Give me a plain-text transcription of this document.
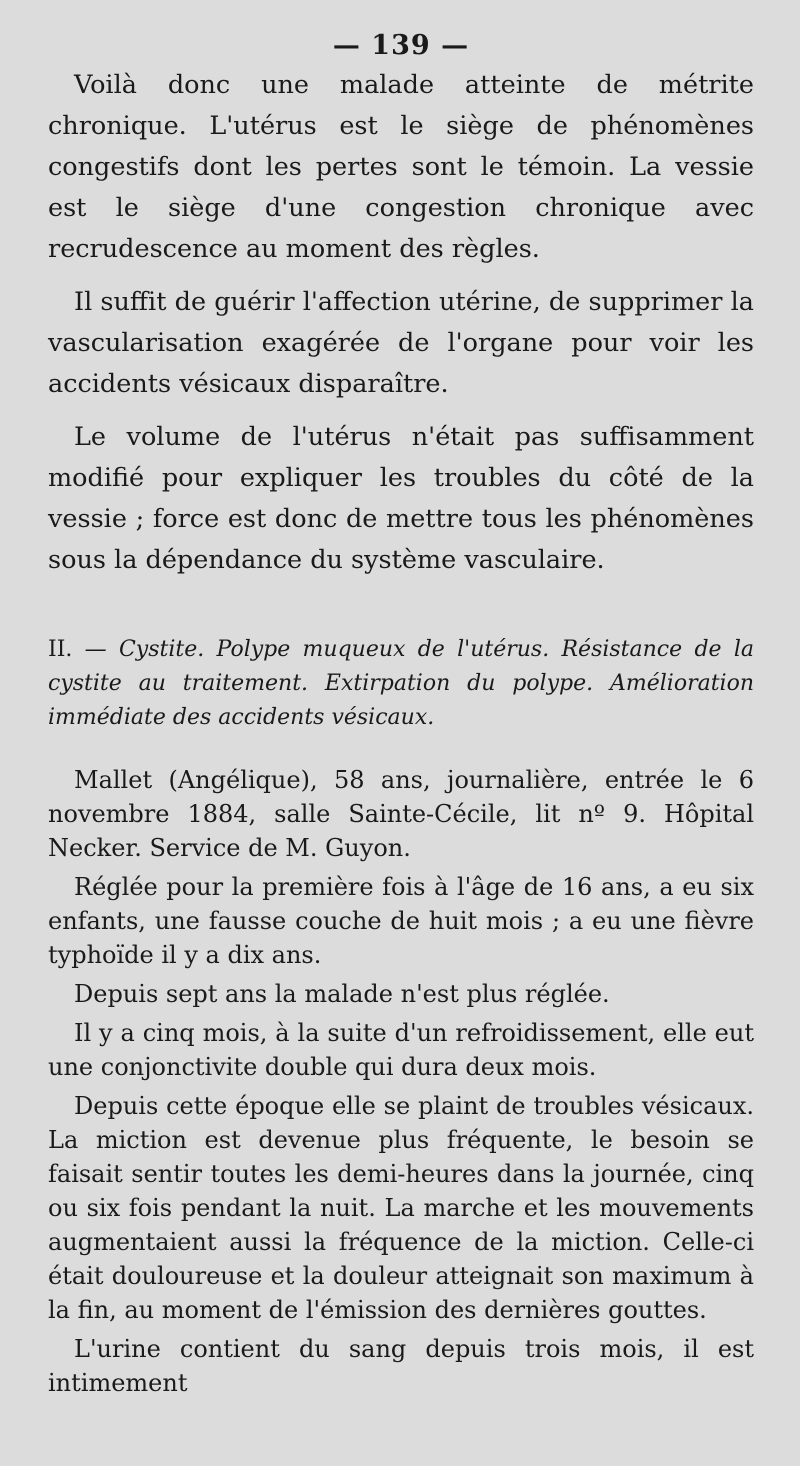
— 139 —

Voilà donc une malade atteinte de métrite chronique. L'utérus est le siège de phénomènes congestifs dont les pertes sont le témoin. La vessie est le siège d'une congestion chronique avec recrudescence au moment des règles.

Il suffit de guérir l'affection utérine, de supprimer la vascularisation exagérée de l'organe pour voir les accidents vésicaux disparaître.

Le volume de l'utérus n'était pas suffisamment modifié pour expliquer les troubles du côté de la vessie ; force est donc de mettre tous les phénomènes sous la dépendance du système vasculaire.

II. — Cystite. Polype muqueux de l'utérus. Résistance de la cystite au traitement. Extirpation du polype. Amélioration immédiate des accidents vésicaux.

Mallet (Angélique), 58 ans, journalière, entrée le 6 novembre 1884, salle Sainte-Cécile, lit nº 9. Hôpital Necker. Service de M. Guyon.

Réglée pour la première fois à l'âge de 16 ans, a eu six enfants, une fausse couche de huit mois ; a eu une fièvre typhoïde il y a dix ans.

Depuis sept ans la malade n'est plus réglée.

Il y a cinq mois, à la suite d'un refroidissement, elle eut une conjonctivite double qui dura deux mois.

Depuis cette époque elle se plaint de troubles vésicaux. La miction est devenue plus fréquente, le besoin se faisait sentir toutes les demi-heures dans la journée, cinq ou six fois pendant la nuit. La marche et les mouvements augmentaient aussi la fréquence de la miction. Celle-ci était douloureuse et la douleur atteignait son maximum à la fin, au moment de l'émission des dernières gouttes.

L'urine contient du sang depuis trois mois, il est intimement
